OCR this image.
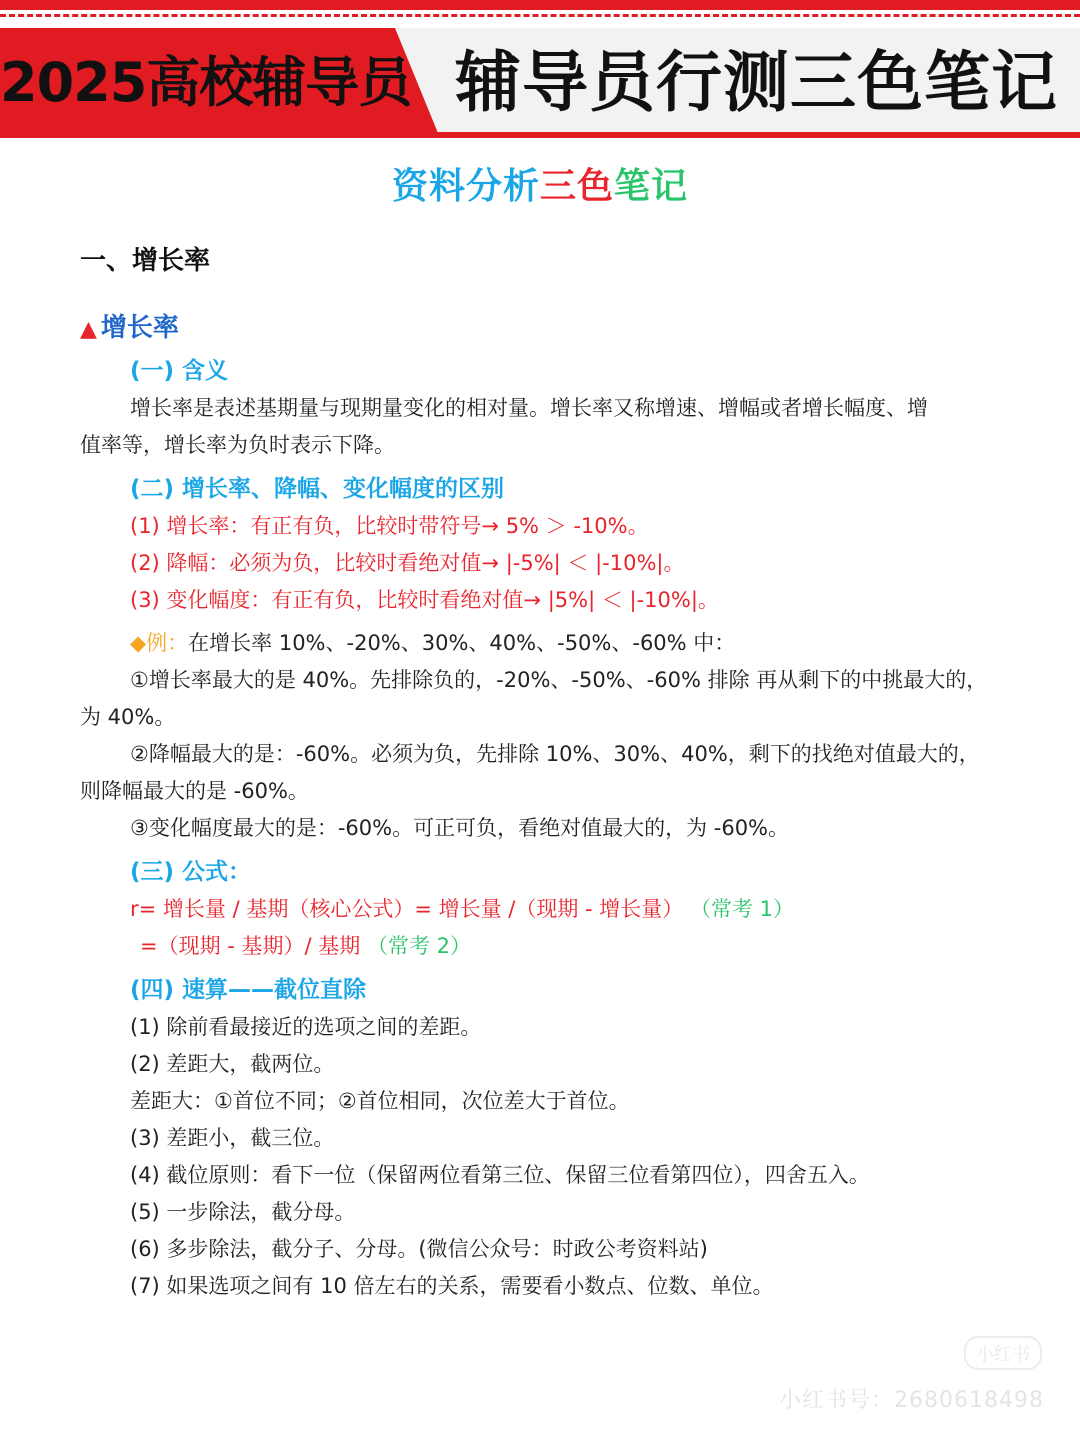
2025高校辅导员 辅导员行测三色笔记
资料分析三色笔记
一、增长率
▲ 增长率
(一) 含义
增长率是表述基期量与现期量变化的相对量。增长率又称增速、增幅或者增长幅度、增
值率等，增长率为负时表示下降。
(二) 增长率、降幅、变化幅度的区别
(1) 增长率：有正有负，比较时带符号→ 5% ＞ -10%。
(2) 降幅：必须为负，比较时看绝对值→ |-5%| ＜ |-10%|。
(3) 变化幅度：有正有负，比较时看绝对值→ |5%| ＜ |-10%|。
◆例：在增长率 10%、-20%、30%、40%、-50%、-60% 中：
①增长率最大的是 40%。先排除负的，-20%、-50%、-60% 排除 再从剩下的中挑最大的，
为 40%。
②降幅最大的是：-60%。必须为负，先排除 10%、30%、40%，剩下的找绝对值最大的，
则降幅最大的是 -60%。
③变化幅度最大的是：-60%。可正可负，看绝对值最大的，为 -60%。
(三) 公式：
r= 增长量 / 基期（核心公式）= 增长量 /（现期 - 增长量） （常考 1）
=（现期 - 基期）/ 基期 （常考 2）
(四) 速算——截位直除
(1) 除前看最接近的选项之间的差距。
(2) 差距大，截两位。
差距大：①首位不同；②首位相同，次位差大于首位。
(3) 差距小，截三位。
(4) 截位原则：看下一位（保留两位看第三位、保留三位看第四位），四舍五入。
(5) 一步除法，截分母。
(6) 多步除法，截分子、分母。(微信公众号：时政公考资料站)
(7) 如果选项之间有 10 倍左右的关系，需要看小数点、位数、单位。
小红书
小红书号：2680618498
